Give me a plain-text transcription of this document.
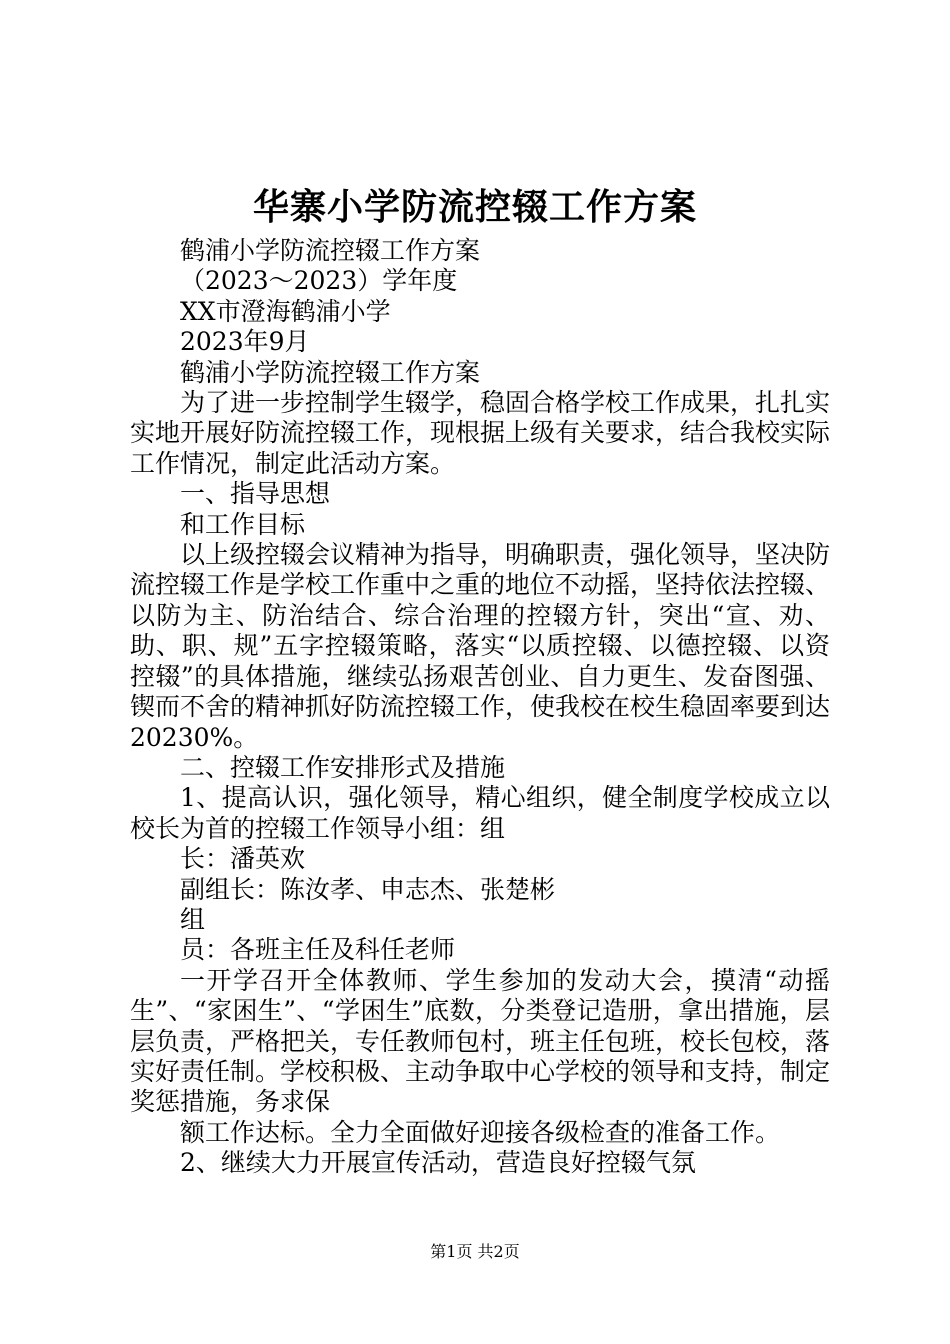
华寨小学防流控辍工作方案

鹤浦小学防流控辍工作方案

（2023～2023）学年度

XX市澄海鹤浦小学

2023年9月

鹤浦小学防流控辍工作方案

为了进一步控制学生辍学，稳固合格学校工作成果，扎扎实实地开展好防流控辍工作，现根据上级有关要求，结合我校实际工作情况，制定此活动方案。

一、指导思想

和工作目标

以上级控辍会议精神为指导，明确职责，强化领导，坚决防流控辍工作是学校工作重中之重的地位不动摇，坚持依法控辍、以防为主、防治结合、综合治理的控辍方针，突出“宣、劝、助、职、规”五字控辍策略，落实“以质控辍、以德控辍、以资控辍”的具体措施，继续弘扬艰苦创业、自力更生、发奋图强、锲而不舍的精神抓好防流控辍工作，使我校在校生稳固率要到达20230%。

二、控辍工作安排形式及措施

1、提高认识，强化领导，精心组织，健全制度学校成立以校长为首的控辍工作领导小组：组

长：潘英欢

副组长：陈汝孝、申志杰、张楚彬

组

员：各班主任及科任老师

一开学召开全体教师、学生参加的发动大会，摸清“动摇生”、“家困生”、“学困生”底数，分类登记造册，拿出措施，层层负责，严格把关，专任教师包村，班主任包班，校长包校，落实好责任制。学校积极、主动争取中心学校的领导和支持，制定奖惩措施，务求保

额工作达标。全力全面做好迎接各级检查的准备工作。

2、继续大力开展宣传活动，营造良好控辍气氛

第1页 共2页
